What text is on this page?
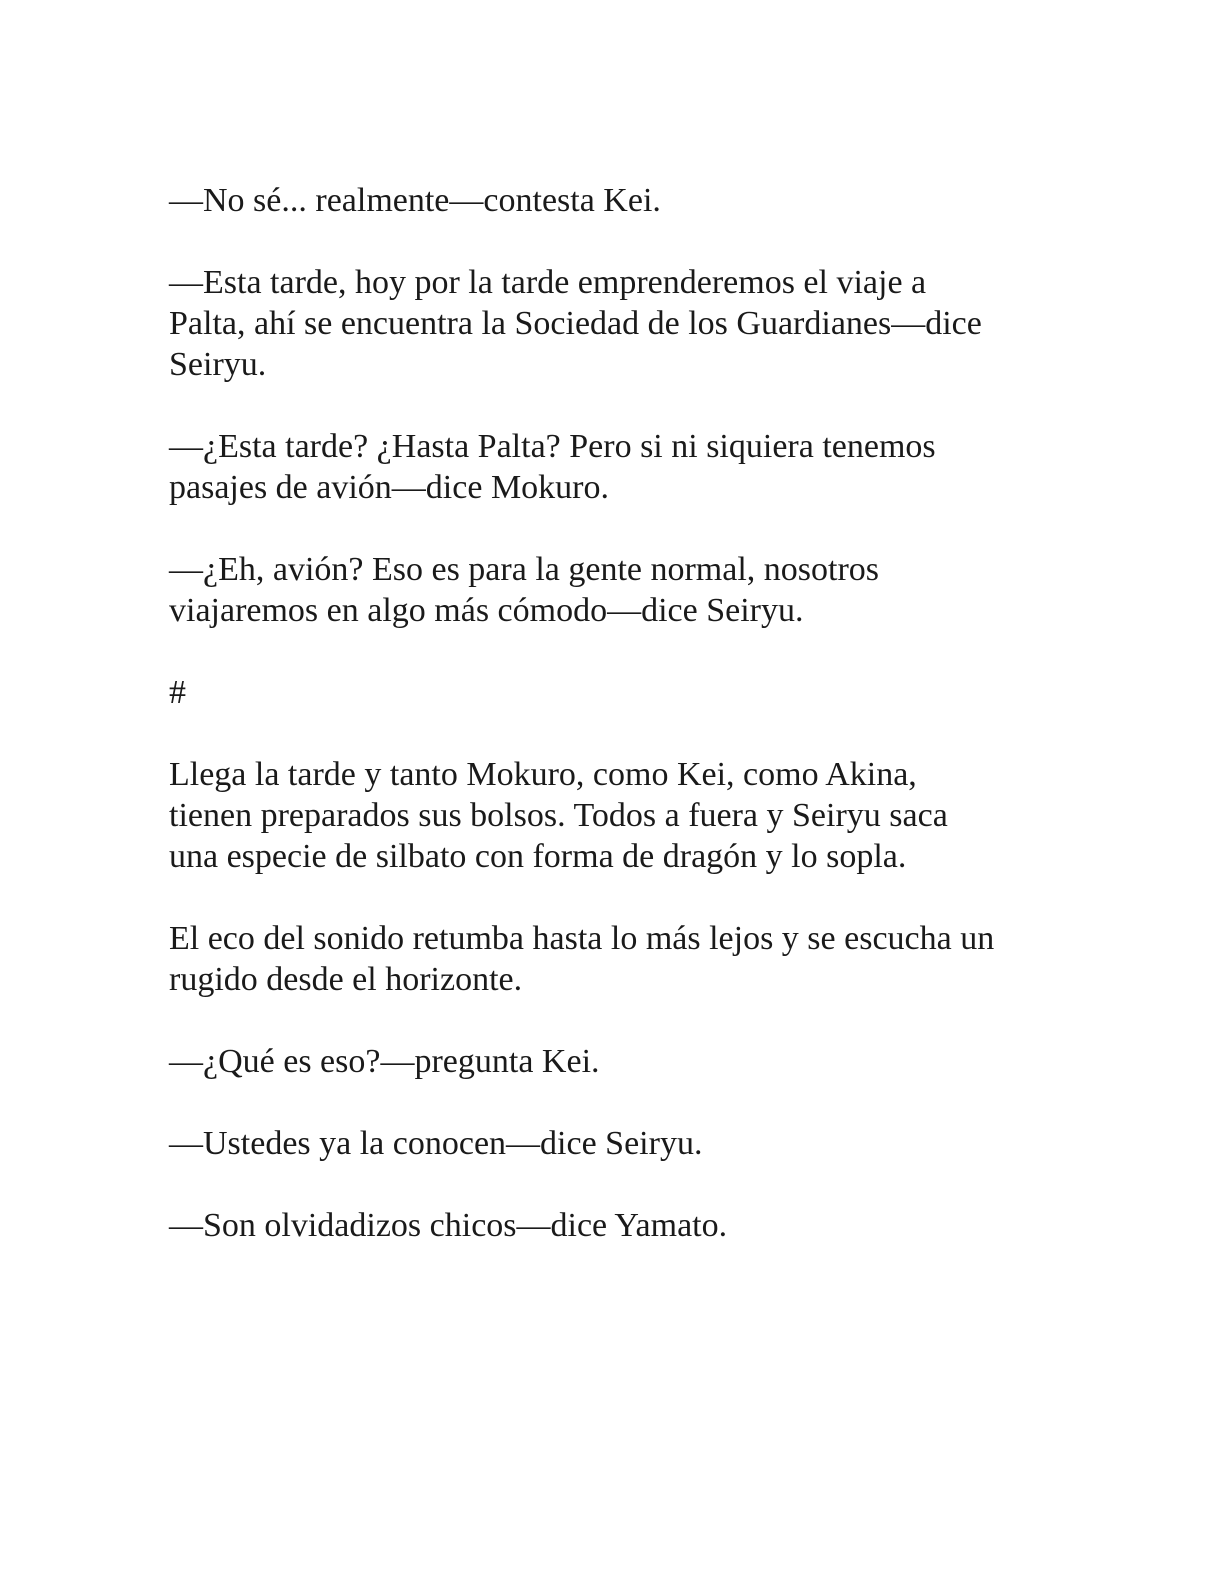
—No sé... realmente—contesta Kei.

—Esta tarde, hoy por la tarde emprenderemos el viaje a
Palta, ahí se encuentra la Sociedad de los Guardianes—dice
Seiryu.

—¿Esta tarde? ¿Hasta Palta? Pero si ni siquiera tenemos
pasajes de avión—dice Mokuro.

—¿Eh, avión? Eso es para la gente normal, nosotros
viajaremos en algo más cómodo—dice Seiryu.

#

Llega la tarde y tanto Mokuro, como Kei, como Akina,
tienen preparados sus bolsos. Todos a fuera y Seiryu saca
una especie de silbato con forma de dragón y lo sopla.

El eco del sonido retumba hasta lo más lejos y se escucha un
rugido desde el horizonte.

—¿Qué es eso?—pregunta Kei.

—Ustedes ya la conocen—dice Seiryu.

—Son olvidadizos chicos—dice Yamato.
